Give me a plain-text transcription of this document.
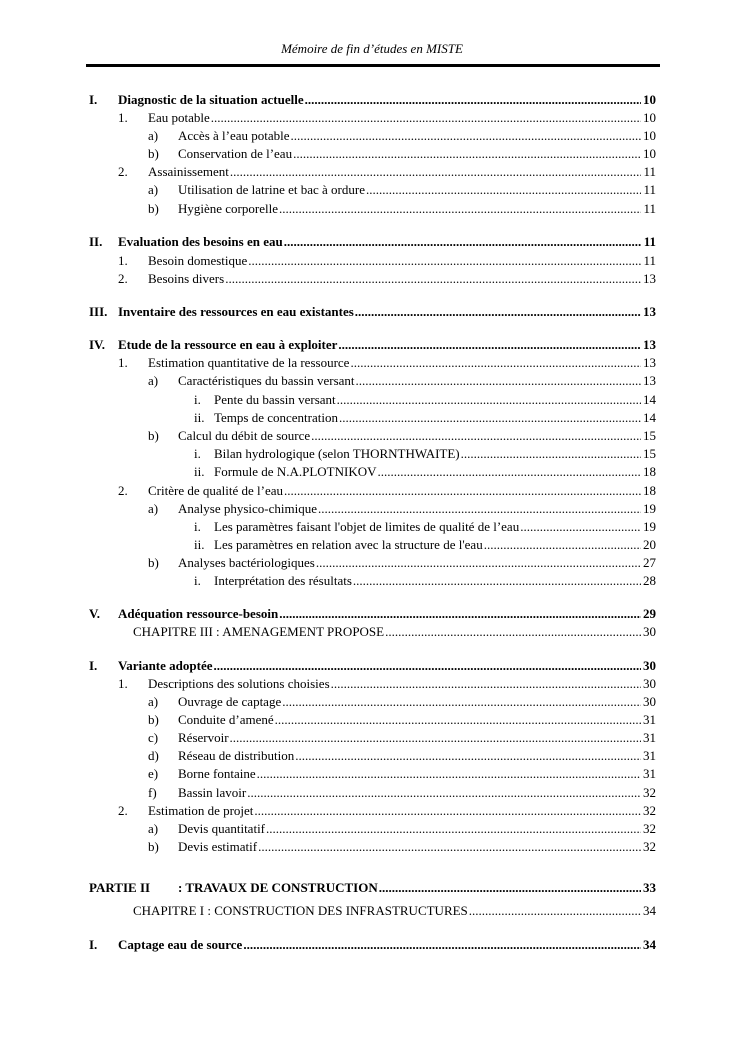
Mémoire de fin d’études en MISTE
I.	Diagnostic de la situation actuelle .....	10
1.	Eau potable .....	10
a)	Accès à l’eau potable .....	10
b)	Conservation de l’eau .....	10
2.	Assainissement .....	11
a)	Utilisation de latrine et bac à ordure .....	11
b)	Hygiène corporelle .....	11
II.	Evaluation des besoins en eau .....	11
1.	Besoin domestique .....	11
2.	Besoins divers .....	13
III. Inventaire des ressources en eau existantes .....	13
IV. Etude de la ressource en eau à exploiter .....	13
1.	Estimation quantitative de la ressource .....	13
a)	Caractéristiques du bassin versant .....	13
i.	Pente du bassin versant .....	14
ii. Temps de concentration .....	14
b)	Calcul du débit de source .....	15
i.	Bilan hydrologique (selon THORNTHWAITE) .....	15
ii. Formule de N.A.PLOTNIKOV .....	18
2.	Critère de qualité de l’eau .....	18
a)	Analyse physico-chimique .....	19
i.	Les paramètres faisant l'objet de limites de qualité de l’eau .....	19
ii. Les paramètres en relation avec la structure de l'eau .....	20
b)	Analyses bactériologiques .....	27
i.	Interprétation des résultats .....	28
V.	Adéquation ressource-besoin .....	29
CHAPITRE III : AMENAGEMENT PROPOSE .....	30
I.	Variante adoptée .....	30
1.	Descriptions des solutions choisies .....	30
a)	Ouvrage de captage .....	30
b)	Conduite d’amené .....	31
c)	Réservoir .....	31
d)	Réseau de distribution .....	31
e)	Borne fontaine .....	31
f)	Bassin lavoir .....	32
2.	Estimation de projet .....	32
a)	Devis quantitatif .....	32
b)	Devis estimatif .....	32
PARTIE II	: TRAVAUX DE CONSTRUCTION .....	33
CHAPITRE I : CONSTRUCTION DES INFRASTRUCTURES .....	34
I.	Captage eau de source .....	34
